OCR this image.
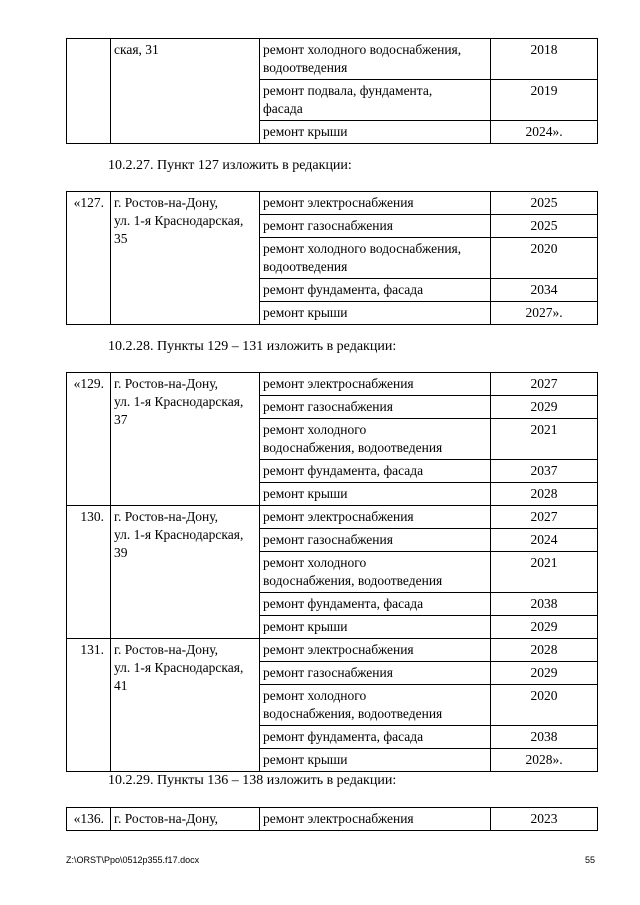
	ская, 31	ремонт холодного водоснабжения,
водоотведения	2018
		ремонт подвала, фундамента,
фасада	2019
		ремонт крыши	2024».
10.2.27. Пункт 127 изложить в редакции:
«127.	г. Ростов-на-Дону,
ул. 1-я Краснодарская,
35	ремонт электроснабжения	2025
		ремонт газоснабжения	2025
		ремонт холодного водоснабжения,
водоотведения	2020
		ремонт фундамента, фасада	2034
		ремонт крыши	2027».
10.2.28. Пункты 129 – 131 изложить в редакции:
«129.	г. Ростов-на-Дону,
ул. 1-я Краснодарская,
37	ремонт электроснабжения	2027
		ремонт газоснабжения	2029
		ремонт холодного
водоснабжения, водоотведения	2021
		ремонт фундамента, фасада	2037
		ремонт крыши	2028
130.	г. Ростов-на-Дону,
ул. 1-я Краснодарская,
39	ремонт электроснабжения	2027
		ремонт газоснабжения	2024
		ремонт холодного
водоснабжения, водоотведения	2021
		ремонт фундамента, фасада	2038
		ремонт крыши	2029
131.	г. Ростов-на-Дону,
ул. 1-я Краснодарская,
41	ремонт электроснабжения	2028
		ремонт газоснабжения	2029
		ремонт холодного
водоснабжения, водоотведения	2020
		ремонт фундамента, фасада	2038
		ремонт крыши	2028».
10.2.29. Пункты 136 – 138 изложить в редакции:
«136.	г. Ростов-на-Дону,	ремонт электроснабжения	2023
Z:\ORST\Ppo\0512p355.f17.docx	55
